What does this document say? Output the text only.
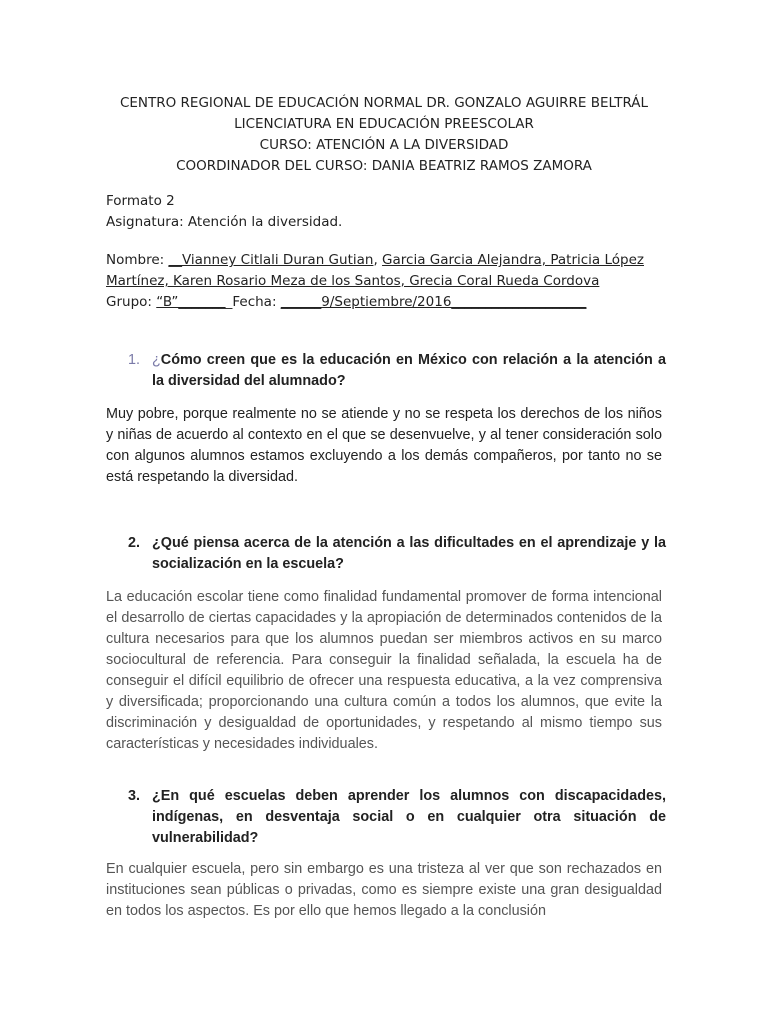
CENTRO REGIONAL DE EDUCACIÓN NORMAL DR. GONZALO AGUIRRE BELTRÁL
LICENCIATURA EN EDUCACIÓN PREESCOLAR
CURSO: ATENCIÓN A LA DIVERSIDAD
COORDINADOR DEL CURSO: DANIA BEATRIZ RAMOS ZAMORA
Formato 2
Asignatura: Atención la diversidad.
Nombre: __Vianney Citlali Duran Gutian, Garcia Garcia Alejandra, Patricia López Martínez, Karen Rosario Meza de los Santos, Grecia Coral Rueda Cordova
Grupo: “B”________Fecha: ______9/Septiembre/2016____________________
1. ¿Cómo creen que es la educación en México con relación a la atención a la diversidad del alumnado?
Muy pobre, porque realmente no se atiende y no se respeta los derechos de los niños y niñas de acuerdo al contexto en el que se desenvuelve, y al tener consideración solo con algunos alumnos estamos excluyendo a los demás compañeros, por tanto no se está respetando la diversidad.
2. ¿Qué piensa acerca de la atención a las dificultades en el aprendizaje y la socialización en la escuela?
La educación escolar tiene como finalidad fundamental promover de forma intencional el desarrollo de ciertas capacidades y la apropiación de determinados contenidos de la cultura necesarios para que los alumnos puedan ser miembros activos en su marco sociocultural de referencia. Para conseguir la finalidad señalada, la escuela ha de conseguir el difícil equilibrio de ofrecer una respuesta educativa, a la vez comprensiva y diversificada; proporcionando una cultura común a todos los alumnos, que evite la discriminación y desigualdad de oportunidades, y respetando al mismo tiempo sus características y necesidades individuales.
3. ¿En qué escuelas deben aprender los alumnos con discapacidades, indígenas, en desventaja social o en cualquier otra situación de vulnerabilidad?
En cualquier escuela, pero sin embargo es una tristeza al ver que son rechazados en instituciones sean públicas o privadas, como es siempre existe una gran desigualdad en todos los aspectos. Es por ello que hemos llegado a la conclusión
